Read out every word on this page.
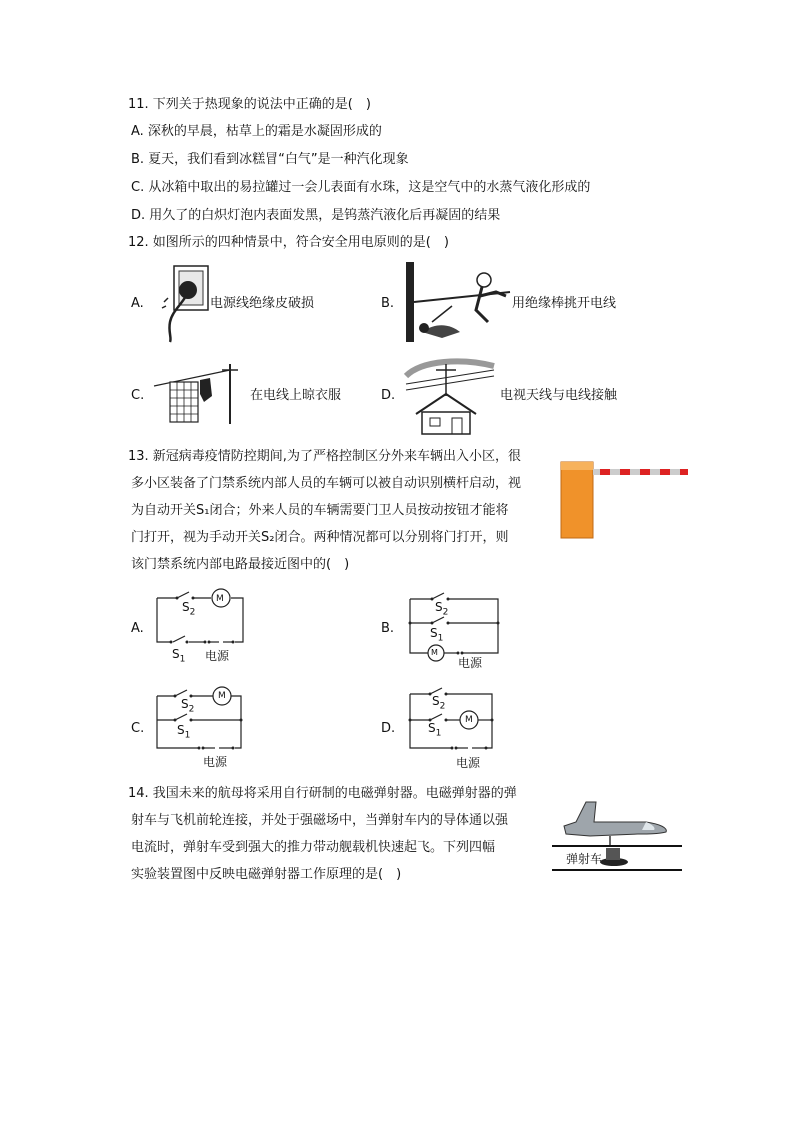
11. 下列关于热现象的说法中正确的是(　)
A. 深秋的早晨，枯草上的霜是水凝固形成的
B. 夏天，我们看到冰糕冒“白气”是一种汽化现象
C. 从冰箱中取出的易拉罐过一会儿表面有水珠，这是空气中的水蒸气液化形成的
D. 用久了的白炽灯泡内表面发黑，是钨蒸汽液化后再凝固的结果
12. 如图所示的四种情景中，符合安全用电原则的是(　)
A.	电源线绝缘皮破损	B.	用绝缘棒挑开电线
C.	在电线上晾衣服	D.	电视天线与电线接触
13. 新冠病毒疫情防控期间,为了严格控制区分外来车辆出入小区，很
多小区装备了门禁系统内部人员的车辆可以被自动识别横杆启动，视
为自动开关S₁闭合；外来人员的车辆需要门卫人员按动按钮才能将
门打开，视为手动开关S₂闭合。两种情况都可以分别将门打开，则
该门禁系统内部电路最接近图中的(　)
A.
M
$S_2$
$S_1$ 电源
B.
M
$S_2$
$S_1$
电源
C.
M
$S_2$
$S_1$
电源
D.
M
$S_2$
$S_1$
电源
14. 我国未来的航母将采用自行研制的电磁弹射器。电磁弹射器的弹
射车与飞机前轮连接，并处于强磁场中，当弹射车内的导体通以强
电流时，弹射车受到强大的推力带动舰载机快速起飞。下列四幅
实验装置图中反映电磁弹射器工作原理的是(　)
弹射车
